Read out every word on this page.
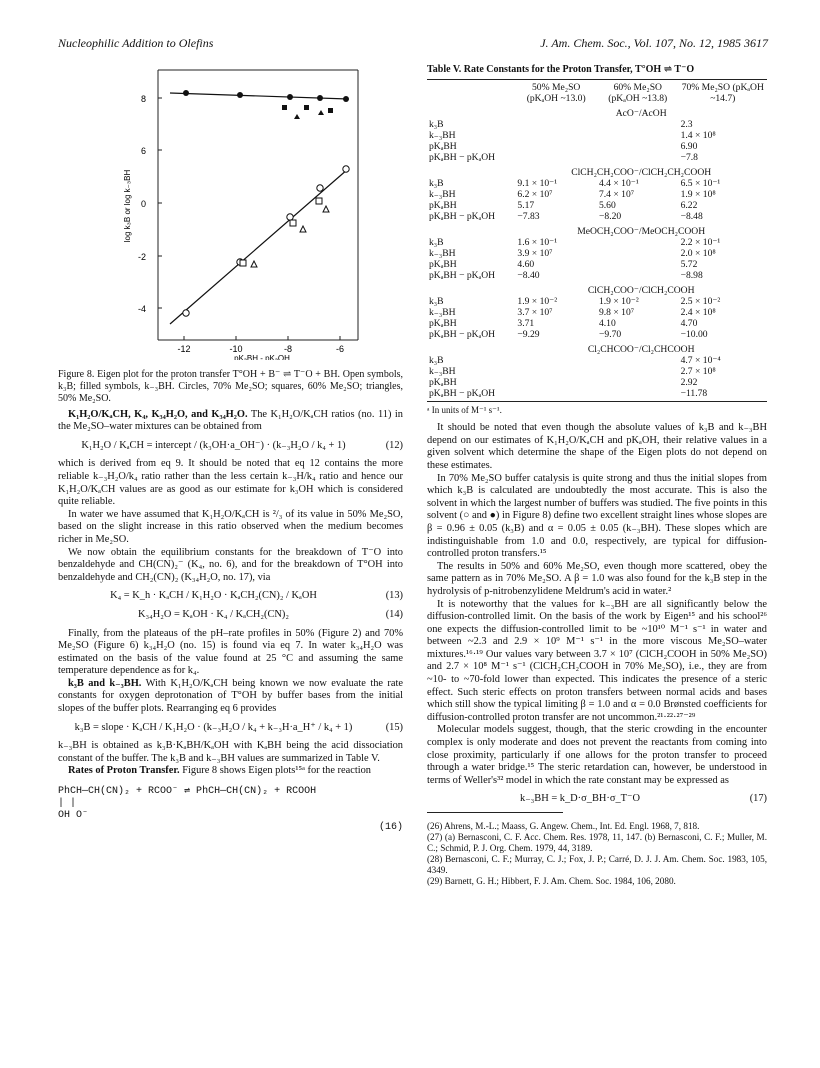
Nucleophilic Addition to Olefins	J. Am. Chem. Soc., Vol. 107, No. 12, 1985 3617
8
6
0
-2
-4
-12	-10	-8	-6
log k₃B or log k₋₃BH
pKₐBH - pKₐOH

Figure 8. Eigen plot for the proton transfer T°OH + B⁻ ⇌ T⁻O + BH. Open symbols, k₃B; filled symbols, k₋₃BH. Circles, 70% Me₂SO; squares, 60% Me₂SO; triangles, 50% Me₂SO.

K₁H₂O/KₐCH, K₄, K₃₄H₂O, and K₃₄H₂O. The K₁H₂O/KₐCH ratios (no. 11) in the Me₂SO–water mixtures can be obtained from

K₁H₂O / KₐCH = intercept / (k₃OH·a_OH⁻) · (k₋₃H₂O / k₄ + 1)	(12)

which is derived from eq 9. It should be noted that eq 12 contains the more reliable k₋₃H₂O/k₄ ratio rather than the less certain k₋₃H/k₄ ratio and hence our K₁H₂O/KₐCH values are as good as our estimate for k₃OH which is considered quite reliable.

In water we have assumed that K₁H₂O/KₐCH is ²/₃ of its value in 50% Me₂SO, based on the slight increase in this ratio observed when the medium becomes richer in Me₂SO.

We now obtain the equilibrium constants for the breakdown of T⁻O into benzaldehyde and CH(CN)₂⁻ (K₄, no. 6), and for the breakdown of T°OH into benzaldehyde and CH₂(CN)₂ (K₃₄H₂O, no. 17), via

K₄ = K_h · KₐCH / K₁H₂O · KₐCH₂(CN)₂ / KₐOH	(13)
K₃₄H₂O = KₐOH · K₄ / KₐCH₂(CN)₂	(14)

Finally, from the plateaus of the pH–rate profiles in 50% (Figure 2) and 70% Me₂SO (Figure 6) k₃₄H₂O (no. 15) is found via eq 7. In water k₃₄H₂O was estimated on the basis of the value found at 25 °C and assuming the same temperature dependence as for k₄.

k₃B and k₋₃BH. With K₁H₂O/KₐCH being known we now evaluate the rate constants for oxygen deprotonation of T°OH by buffer bases from the initial slopes of the buffer plots. Rearranging eq 6 provides

k₃B = slope · KₐCH / K₁H₂O · (k₋₃H₂O / k₄ + k₋₃H·a_H⁺ / k₄ + 1)	(15)

k₋₃BH is obtained as k₃B·KₐBH/KₐOH with KₐBH being the acid dissociation constant of the buffer. The k₃B and k₋₃BH values are summarized in Table V.

Rates of Proton Transfer. Figure 8 shows Eigen plots¹⁵ᵃ for the reaction

PhCH—CH(CN)₂ + RCOO⁻ ⇌ PhCH—CH(CN)₂ + RCOOH
| |
OH O⁻
(16)

Table V. Rate Constants for the Proton Transfer, T°OH ⇌ T⁻O

	50% Me₂SO (pKₐOH ~13.0)	60% Me₂SO (pKₐOH ~13.8)	70% Me₂SO (pKₐOH ~14.7)
	AcO⁻/AcOH		
k₃B			2.3
k₋₃BH			1.4 × 10⁸
pKₐBH			6.90
pKₐBH − pKₐOH			−7.8
	ClCH₂CH₂COO⁻/ClCH₂CH₂COOH		
k₃B	9.1 × 10⁻¹	4.4 × 10⁻¹	6.5 × 10⁻¹
k₋₃BH	6.2 × 10⁷	7.4 × 10⁷	1.9 × 10⁸
pKₐBH	5.17	5.60	6.22
pKₐBH − pKₐOH	−7.83	−8.20	−8.48
	MeOCH₂COO⁻/MeOCH₂COOH		
k₃B	1.6 × 10⁻¹		2.2 × 10⁻¹
k₋₃BH	3.9 × 10⁷		2.0 × 10⁸
pKₐBH	4.60		5.72
pKₐBH − pKₐOH	−8.40		−8.98
	ClCH₂COO⁻/ClCH₂COOH		
k₃B	1.9 × 10⁻²	1.9 × 10⁻²	2.5 × 10⁻²
k₋₃BH	3.7 × 10⁷	9.8 × 10⁷	2.4 × 10⁸
pKₐBH	3.71	4.10	4.70
pKₐBH − pKₐOH	−9.29	−9.70	−10.00
	Cl₂CHCOO⁻/Cl₂CHCOOH		
k₃B			4.7 × 10⁻⁴
k₋₃BH			2.7 × 10⁸
pKₐBH			2.92
pKₐBH − pKₐOH			−11.78

ᵃ In units of M⁻¹ s⁻¹.

It should be noted that even though the absolute values of k₃B and k₋₃BH depend on our estimates of K₁H₂O/KₐCH and pKₐOH, their relative values in a given solvent which determine the shape of the Eigen plots do not depend on these estimates.

In 70% Me₂SO buffer catalysis is quite strong and thus the initial slopes from which k₃B is calculated are undoubtedly the most accurate. This is also the solvent in which the largest number of buffers was studied. The five points in this solvent (○ and ●) in Figure 8) define two excellent straight lines whose slopes are β = 0.96 ± 0.05 (k₃B) and α = 0.05 ± 0.05 (k₋₃BH). These slopes which are indistinguishable from 1.0 and 0.0, respectively, are typical for diffusion-controlled proton transfers.¹⁵

The results in 50% and 60% Me₂SO, even though more scattered, obey the same pattern as in 70% Me₂SO. A β = 1.0 was also found for the k₃B step in the hydrolysis of p-nitrobenzylidene Meldrum's acid in water.²

It is noteworthy that the values for k₋₃BH are all significantly below the diffusion-controlled limit. On the basis of the work by Eigen¹⁵ and his school²⁶ one expects the diffusion-controlled limit to be ~10¹⁰ M⁻¹ s⁻¹ in water and between ~2.3 and 2.9 × 10⁹ M⁻¹ s⁻¹ in the more viscous Me₂SO–water mixtures.¹⁶·¹⁹ Our values vary between 3.7 × 10⁷ (ClCH₂COOH in 50% Me₂SO) and 2.7 × 10⁸ M⁻¹ s⁻¹ (ClCH₂CH₂COOH in 70% Me₂SO), i.e., they are from ~10- to ~70-fold lower than expected. This indicates the presence of a steric effect. Such steric effects on proton transfers between normal acids and bases which still show the typical limiting β = 1.0 and α = 0.0 Brønsted coefficients for diffusion-controlled proton transfer are not uncommon.²¹·²²·²⁷⁻²⁹

Molecular models suggest, though, that the steric crowding in the encounter complex is only moderate and does not prevent the reactants from coming into close proximity, particularly if one allows for the proton transfer to proceed through a water bridge.¹⁵ The steric retardation can, however, be understood in terms of Weller's³² model in which the rate constant may be expressed as

k₋₃BH = k_D·σ_BH·σ_T⁻O	(17)

(26) Ahrens, M.-L.; Maass, G. Angew. Chem., Int. Ed. Engl. 1968, 7, 818.

(27) (a) Bernasconi, C. F. Acc. Chem. Res. 1978, 11, 147. (b) Bernasconi, C. F.; Muller, M. C.; Schmid, P. J. Org. Chem. 1979, 44, 3189.

(28) Bernasconi, C. F.; Murray, C. J.; Fox, J. P.; Carré, D. J. J. Am. Chem. Soc. 1983, 105, 4349.

(29) Barnett, G. H.; Hibbert, F. J. Am. Chem. Soc. 1984, 106, 2080.
